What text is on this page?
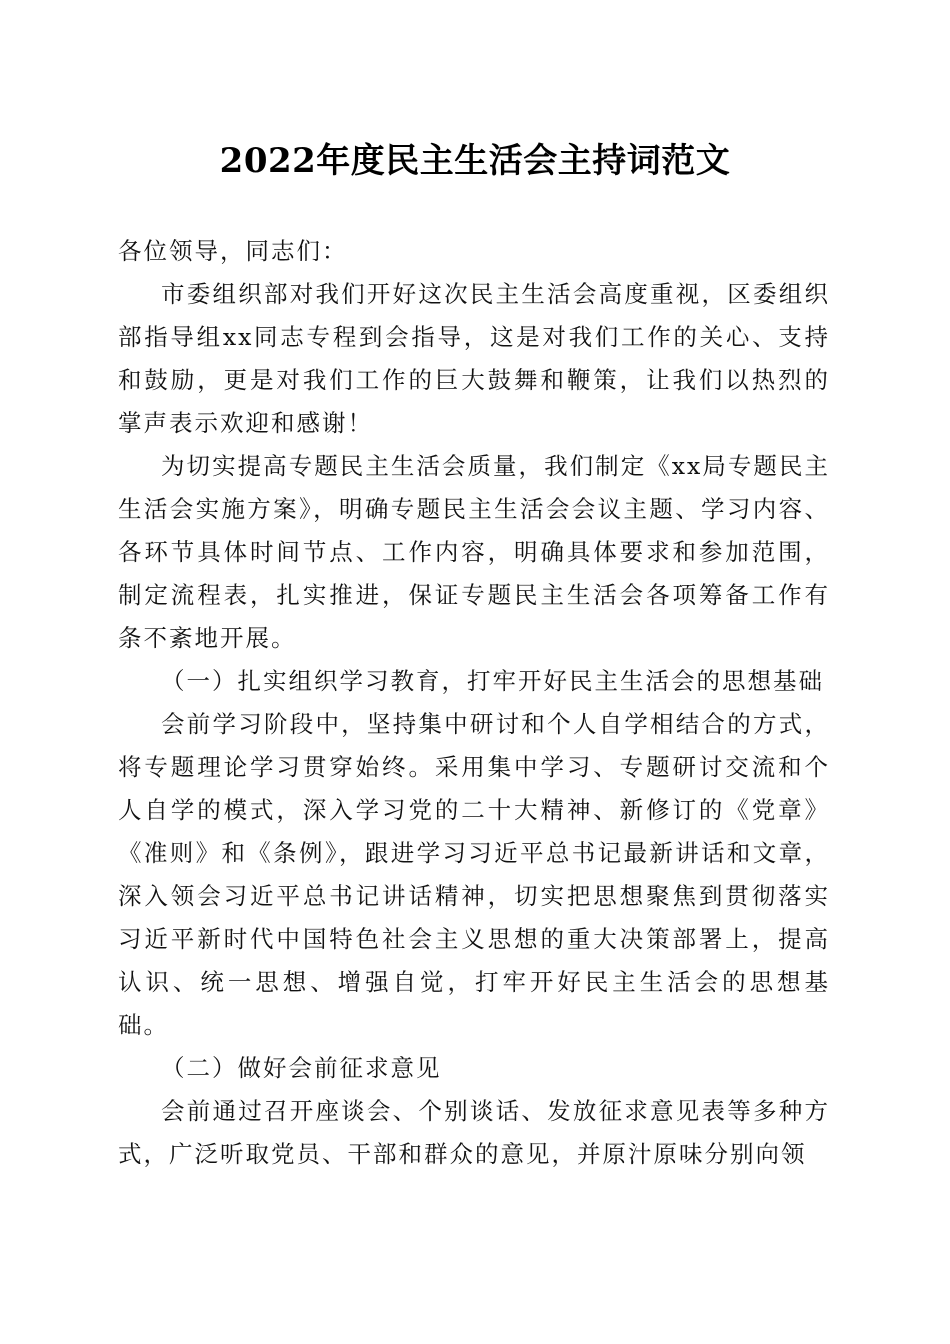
2022年度民主生活会主持词范文

各位领导，同志们：

市委组织部对我们开好这次民主生活会高度重视，区委组织部指导组xx同志专程到会指导，这是对我们工作的关心、支持和鼓励，更是对我们工作的巨大鼓舞和鞭策，让我们以热烈的掌声表示欢迎和感谢！

为切实提高专题民主生活会质量，我们制定《xx局专题民主生活会实施方案》，明确专题民主生活会会议主题、学习内容、各环节具体时间节点、工作内容，明确具体要求和参加范围，制定流程表，扎实推进，保证专题民主生活会各项筹备工作有条不紊地开展。

（一）扎实组织学习教育，打牢开好民主生活会的思想基础

会前学习阶段中，坚持集中研讨和个人自学相结合的方式，将专题理论学习贯穿始终。采用集中学习、专题研讨交流和个人自学的模式，深入学习党的二十大精神、新修订的《党章》《准则》和《条例》，跟进学习习近平总书记最新讲话和文章，深入领会习近平总书记讲话精神，切实把思想聚焦到贯彻落实习近平新时代中国特色社会主义思想的重大决策部署上，提高认识、统一思想、增强自觉，打牢开好民主生活会的思想基础。

（二）做好会前征求意见

会前通过召开座谈会、个别谈话、发放征求意见表等多种方式，广泛听取党员、干部和群众的意见，并原汁原味分别向领
